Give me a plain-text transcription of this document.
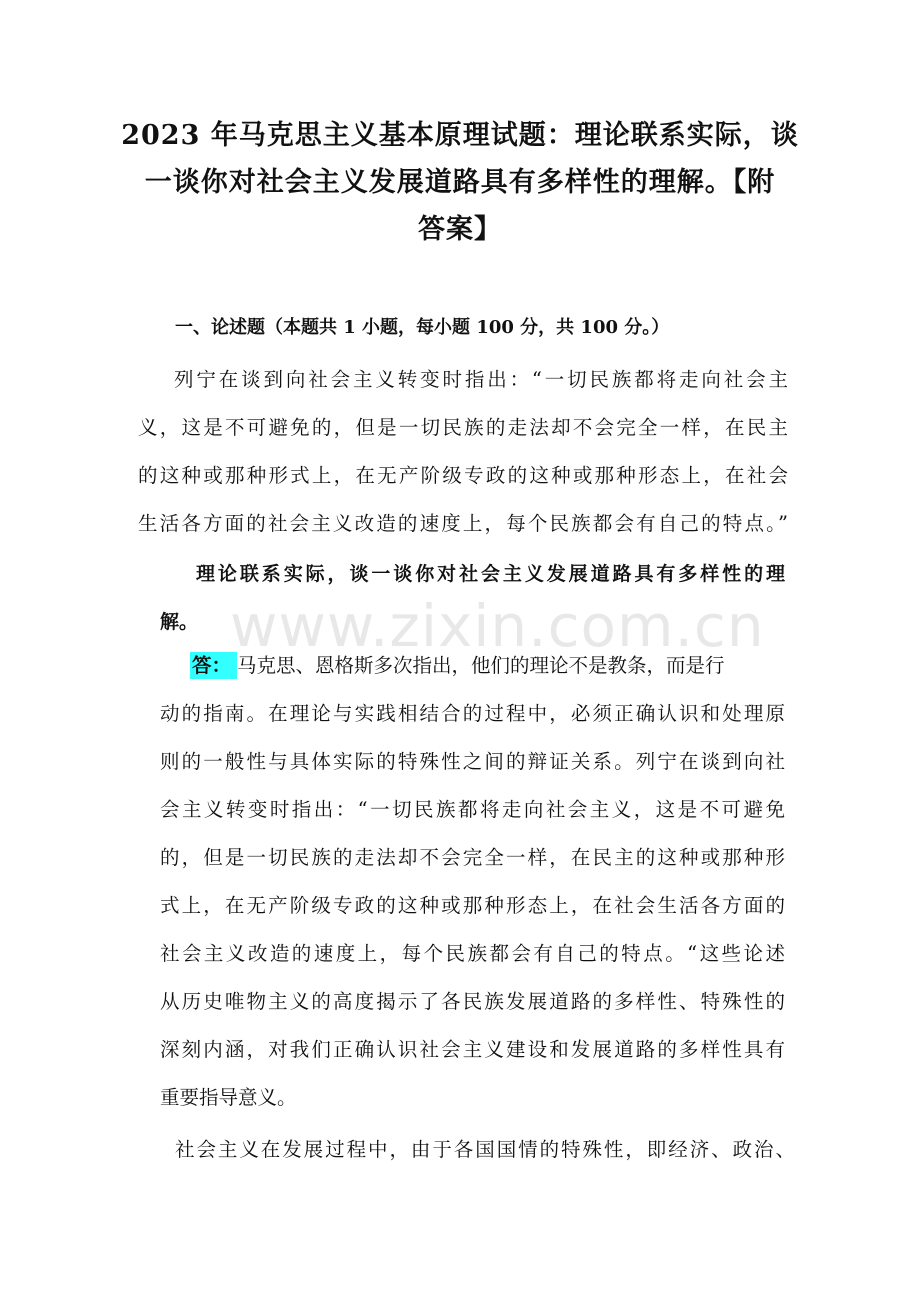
2023 年马克思主义基本原理试题：理论联系实际，谈
一谈你对社会主义发展道路具有多样性的理解。【附
答案】

一、论述题（本题共 1 小题，每小题 100 分，共 100 分。）

列宁在谈到向社会主义转变时指出：“一切民族都将走向社会主
义，这是不可避免的，但是一切民族的走法却不会完全一样，在民主
的这种或那种形式上，在无产阶级专政的这种或那种形态上，在社会
生活各方面的社会主义改造的速度上，每个民族都会有自己的特点。”
理论联系实际，谈一谈你对社会主义发展道路具有多样性的理
解。
答： 马克思、恩格斯多次指出，他们的理论不是教条，而是行
动的指南。在理论与实践相结合的过程中，必须正确认识和处理原
则的一般性与具体实际的特殊性之间的辩证关系。列宁在谈到向社
会主义转变时指出：“一切民族都将走向社会主义，这是不可避免
的，但是一切民族的走法却不会完全一样，在民主的这种或那种形
式上，在无产阶级专政的这种或那种形态上，在社会生活各方面的
社会主义改造的速度上，每个民族都会有自己的特点。“这些论述
从历史唯物主义的高度揭示了各民族发展道路的多样性、特殊性的
深刻内涵，对我们正确认识社会主义建设和发展道路的多样性具有
重要指导意义。
社会主义在发展过程中，由于各国国情的特殊性，即经济、政治、
www.zixin.com.cn
